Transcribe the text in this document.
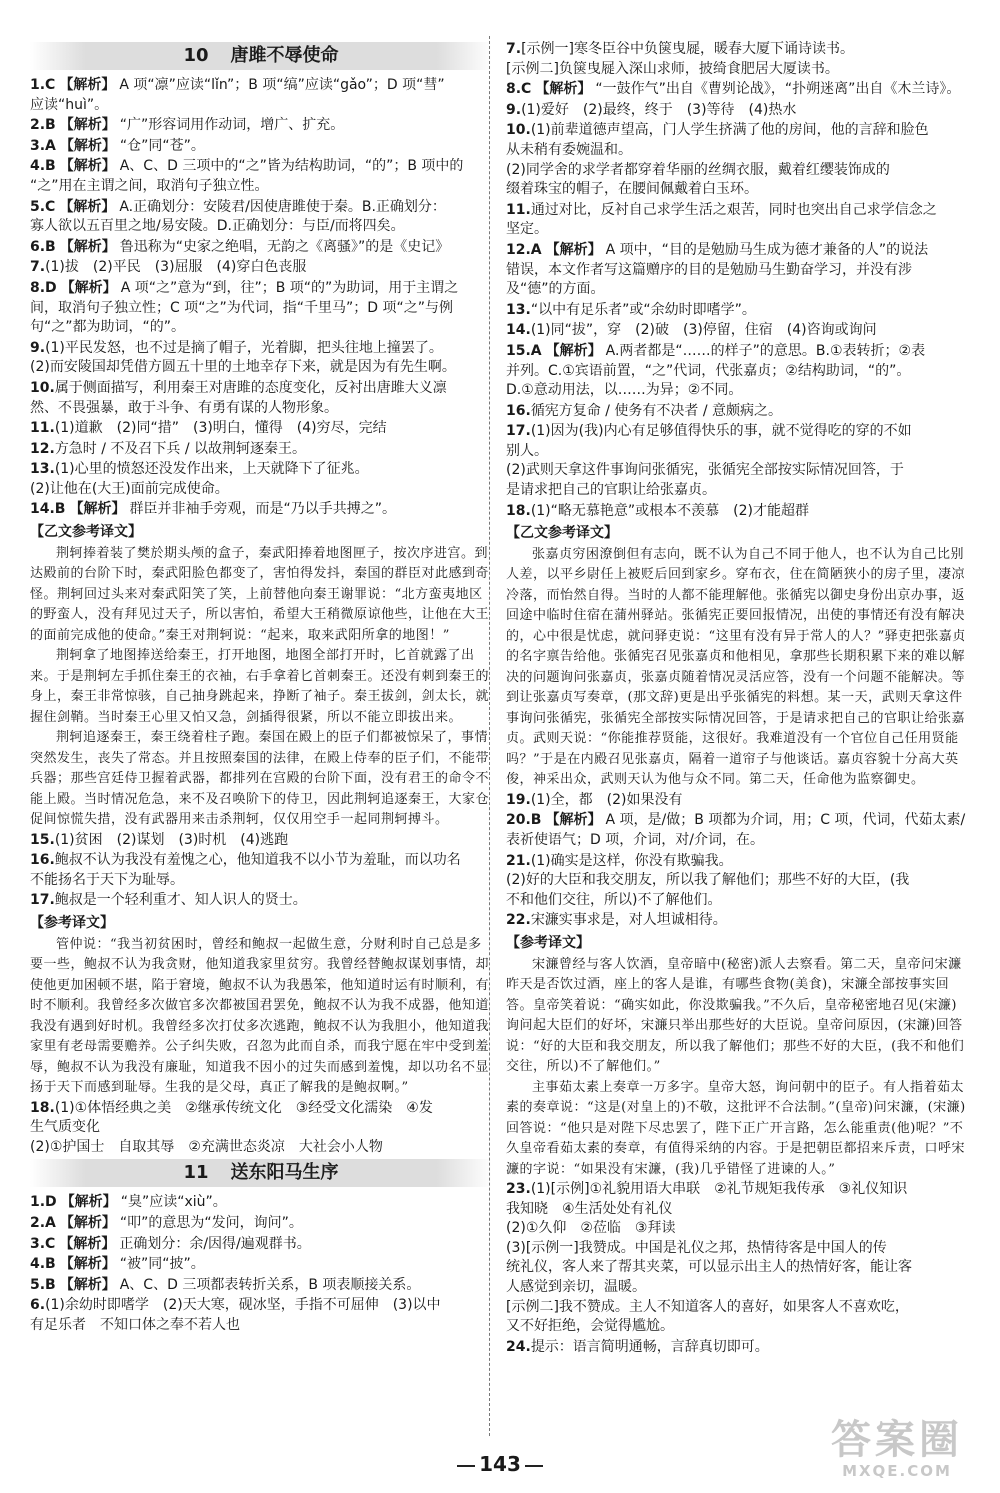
10 唐雎不辱使命
1.C 【解析】 A 项“凛”应读“lǐn”；B 项“缟”应读“gǎo”；D 项“彗”
应读“huì”。
2.B 【解析】 “广”形容词用作动词，增广、扩充。
3.A 【解析】 “仓”同“苍”。
4.B 【解析】 A、C、D 三项中的“之”皆为结构助词，“的”；B 项中的
“之”用在主谓之间，取消句子独立性。
5.C 【解析】 A.正确划分：安陵君/因使唐雎使于秦。B.正确划分：
寡人欲以五百里之地/易安陵。D.正确划分：与臣/而将四矣。
6.B 【解析】 鲁迅称为“史家之绝唱，无韵之《离骚》”的是《史记》
7.(1)拔　(2)平民　(3)屈服　(4)穿白色丧服
8.D 【解析】 A 项“之”意为“到，往”；B 项“的”为助词，用于主谓之
间，取消句子独立性；C 项“之”为代词，指“千里马”；D 项“之”与例
句“之”都为助词，“的”。
9.(1)平民发怒，也不过是摘了帽子，光着脚，把头往地上撞罢了。
(2)而安陵国却凭借方圆五十里的土地幸存下来，就是因为有先生啊。
10.属于侧面描写，利用秦王对唐雎的态度变化，反衬出唐雎大义凛
然、不畏强暴，敢于斗争、有勇有谋的人物形象。
11.(1)道歉　(2)同“措”　(3)明白，懂得　(4)穷尽，完结
12.方急时 / 不及召下兵 / 以故荆轲逐秦王。
13.(1)心里的愤怒还没发作出来，上天就降下了征兆。
(2)让他在(大王)面前完成使命。
14.B 【解析】 群臣并非袖手旁观，而是“乃以手共搏之”。
【乙文参考译文】

荆轲捧着装了樊於期头颅的盒子，秦武阳捧着地图匣子，按次序进宫。到达殿前的台阶下时，秦武阳脸色都变了，害怕得发抖，秦国的群臣对此感到奇怪。荆轲回过头来对秦武阳笑了笑，上前替他向秦王谢罪说：“北方蛮夷地区的野蛮人，没有拜见过天子，所以害怕，希望大王稍微原谅他些，让他在大王的面前完成他的使命。”秦王对荆轲说：“起来，取来武阳所拿的地图！”

荆轲拿了地图捧送给秦王，打开地图，地图全部打开时，匕首就露了出来。于是荆轲左手抓住秦王的衣袖，右手拿着匕首刺秦王。还没有刺到秦王的身上，秦王非常惊骇，自己抽身跳起来，挣断了袖子。秦王拔剑，剑太长，就握住剑鞘。当时秦王心里又怕又急，剑插得很紧，所以不能立即拔出来。

荆轲追逐秦王，秦王绕着柱子跑。秦国在殿上的臣子们都被惊呆了，事情突然发生，丧失了常态。并且按照秦国的法律，在殿上侍奉的臣子们，不能带兵器；那些宫廷侍卫握着武器，都排列在宫殿的台阶下面，没有君王的命令不能上殿。当时情况危急，来不及召唤阶下的侍卫，因此荆轲追逐秦王，大家仓促间惊慌失措，没有武器用来击杀荆轲，仅仅用空手一起同荆轲搏斗。

15.(1)贫困　(2)谋划　(3)时机　(4)逃跑
16.鲍叔不认为我没有羞愧之心，他知道我不以小节为羞耻，而以功名
不能扬名于天下为耻辱。
17.鲍叔是一个轻利重才、知人识人的贤士。
【参考译文】

管仲说：“我当初贫困时，曾经和鲍叔一起做生意，分财利时自己总是多要一些，鲍叔不认为我贪财，他知道我家里贫穷。我曾经替鲍叔谋划事情，却使他更加困顿不堪，陷于窘境，鲍叔不认为我愚笨，他知道时运有时顺利，有时不顺利。我曾经多次做官多次都被国君罢免，鲍叔不认为我不成器，他知道我没有遇到好时机。我曾经多次打仗多次逃跑，鲍叔不认为我胆小，他知道我家里有老母需要赡养。公子纠失败，召忽为此而自杀，而我宁愿在牢中受到羞辱，鲍叔不认为我没有廉耻，知道我不因小的过失而感到羞愧，却以功名不显扬于天下而感到耻辱。生我的是父母，真正了解我的是鲍叔啊。”

18.(1)①体悟经典之美　②继承传统文化　③经受文化濡染　④发
生气质变化
(2)①护国士　自取其辱　②充满世态炎凉　大社会小人物
11 送东阳马生序
1.D 【解析】 “臭”应读“xiù”。
2.A 【解析】 “叩”的意思为“发问，询问”。
3.C 【解析】 正确划分：余/因得/遍观群书。
4.B 【解析】 “被”同“披”。
5.B 【解析】 A、C、D 三项都表转折关系，B 项表顺接关系。
6.(1)余幼时即嗜学　(2)天大寒，砚冰坚，手指不可屈伸　(3)以中
有足乐者　不知口体之奉不若人也
7.[示例一]寒冬臣谷中负箧曳屣，暖春大厦下诵诗读书。
[示例二]负箧曳屣入深山求师，披绮食肥居大厦读书。
8.C 【解析】 “一鼓作气”出自《曹刿论战》，“扑朔迷离”出自《木兰诗》。
9.(1)爱好　(2)最终，终于　(3)等待　(4)热水
10.(1)前辈道德声望高，门人学生挤满了他的房间，他的言辞和脸色
从未稍有委婉温和。
(2)同学舍的求学者都穿着华丽的丝绸衣服，戴着红缨装饰成的
缀着珠宝的帽子，在腰间佩戴着白玉环。
11.通过对比，反衬自己求学生活之艰苦，同时也突出自己求学信念之
坚定。
12.A 【解析】 A 项中，“目的是勉励马生成为德才兼备的人”的说法
错误，本文作者写这篇赠序的目的是勉励马生勤奋学习，并没有涉
及“德”的方面。
13.“以中有足乐者”或“余幼时即嗜学”。
14.(1)同“拔”，穿　(2)破　(3)停留，住宿　(4)咨询或询问
15.A 【解析】 A.两者都是“……的样子”的意思。B.①表转折；②表
并列。C.①宾语前置，“之”代词，代张嘉贞；②结构助词，“的”。
D.①意动用法，以……为异；②不同。
16.循宪方复命 / 使务有不决者 / 意颇病之。
17.(1)因为(我)内心有足够值得快乐的事，就不觉得吃的穿的不如
别人。
(2)武则天拿这件事询问张循宪，张循宪全部按实际情况回答，于
是请求把自己的官职让给张嘉贞。
18.(1)“略无慕艳意”或根本不羡慕　(2)才能超群
【乙文参考译文】

张嘉贞穷困潦倒但有志向，既不认为自己不同于他人，也不认为自己比别人差，以平乡尉任上被贬后回到家乡。穿布衣，住在简陋狭小的房子里，凄凉冷落，而怡然自得。当时的人都不能理解他。张循宪以御史身份出京办事，返回途中临时住宿在蒲州驿站。张循宪正要回报情况，出使的事情还有没有解决的，心中很是忧虑，就问驿吏说：“这里有没有异于常人的人？”驿吏把张嘉贞的名字禀告给他。张循宪召见张嘉贞和他相见，拿那些长期积累下来的难以解决的问题询问张嘉贞，张嘉贞随着情况灵活应答，没有一个问题不能解决。等到让张嘉贞写奏章，(那文辞)更是出乎张循宪的料想。某一天，武则天拿这件事询问张循宪，张循宪全部按实际情况回答，于是请求把自己的官职让给张嘉贞。武则天说：“你能推荐贤能，这很好。我难道没有一个官位自己任用贤能吗？”于是在内殿召见张嘉贞，隔着一道帘子与他谈话。嘉贞容貌十分高大英俊，神采出众，武则天认为他与众不同。第二天，任命他为监察御史。

19.(1)全，都　(2)如果没有
20.B 【解析】 A 项，是/做；B 项都为介词，用；C 项，代词，代茹太素/
表祈使语气；D 项，介词，对/介词，在。
21.(1)确实是这样，你没有欺骗我。
(2)好的大臣和我交朋友，所以我了解他们；那些不好的大臣，(我
不和他们交往，所以)不了解他们。
22.宋濂实事求是，对人坦诚相待。
【参考译文】

宋濂曾经与客人饮酒，皇帝暗中(秘密)派人去察看。第二天，皇帝问宋濂昨天是否饮过酒，座上的客人是谁，有哪些食物(美食)，宋濂全部按事实回答。皇帝笑着说：“确实如此，你没欺骗我。”不久后，皇帝秘密地召见(宋濂)询问起大臣们的好坏，宋濂只举出那些好的大臣说。皇帝问原因，(宋濂)回答说：“好的大臣和我交朋友，所以我了解他们；那些不好的大臣，(我不和他们交往，所以)不了解他们。”

主事茹太素上奏章一万多字。皇帝大怒，询问朝中的臣子。有人指着茹太素的奏章说：“这是(对皇上的)不敬，这批评不合法制。”(皇帝)问宋濂，(宋濂)回答说：“他只是对陛下尽忠罢了，陛下正广开言路，怎么能重责(他)呢？”不久皇帝看茹太素的奏章，有值得采纳的内容。于是把朝臣都招来斥责，口呼宋濂的字说：“如果没有宋濂，(我)几乎错怪了进谏的人。”

23.(1)[示例]①礼貌用语大串联　②礼节规矩我传承　③礼仪知识
我知晓　④生活处处有礼仪
(2)①久仰　②莅临　③拜读
(3)[示例一]我赞成。中国是礼仪之邦，热情待客是中国人的传
统礼仪，客人来了帮其夹菜，可以显示出主人的热情好客，能让客
人感觉到亲切，温暖。
[示例二]我不赞成。主人不知道客人的喜好，如果客人不喜欢吃，
又不好拒绝，会觉得尴尬。
24.提示：语言简明通畅，言辞真切即可。
143
答案圈
MXQE.COM
